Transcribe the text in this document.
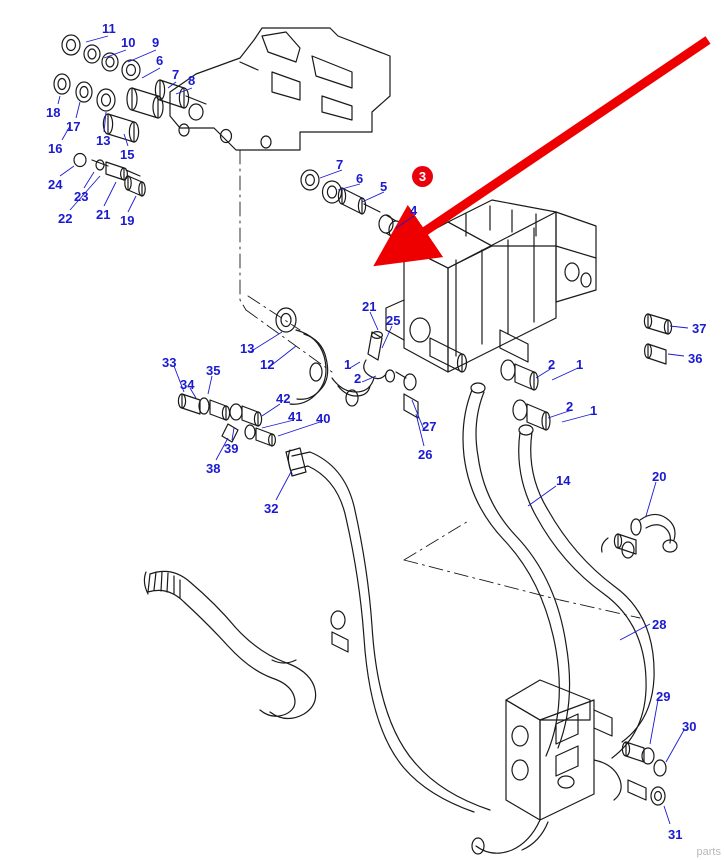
3
11
10 9
6
7 8
18
17
13
15
16
24
23
22 21 19
7
6
5
4
21
25
13
12	1
2
2 1
2 1
33
35
34
42
41 40
39
38
27
26
37
36
32
14	20
28
29
30
31
parts
